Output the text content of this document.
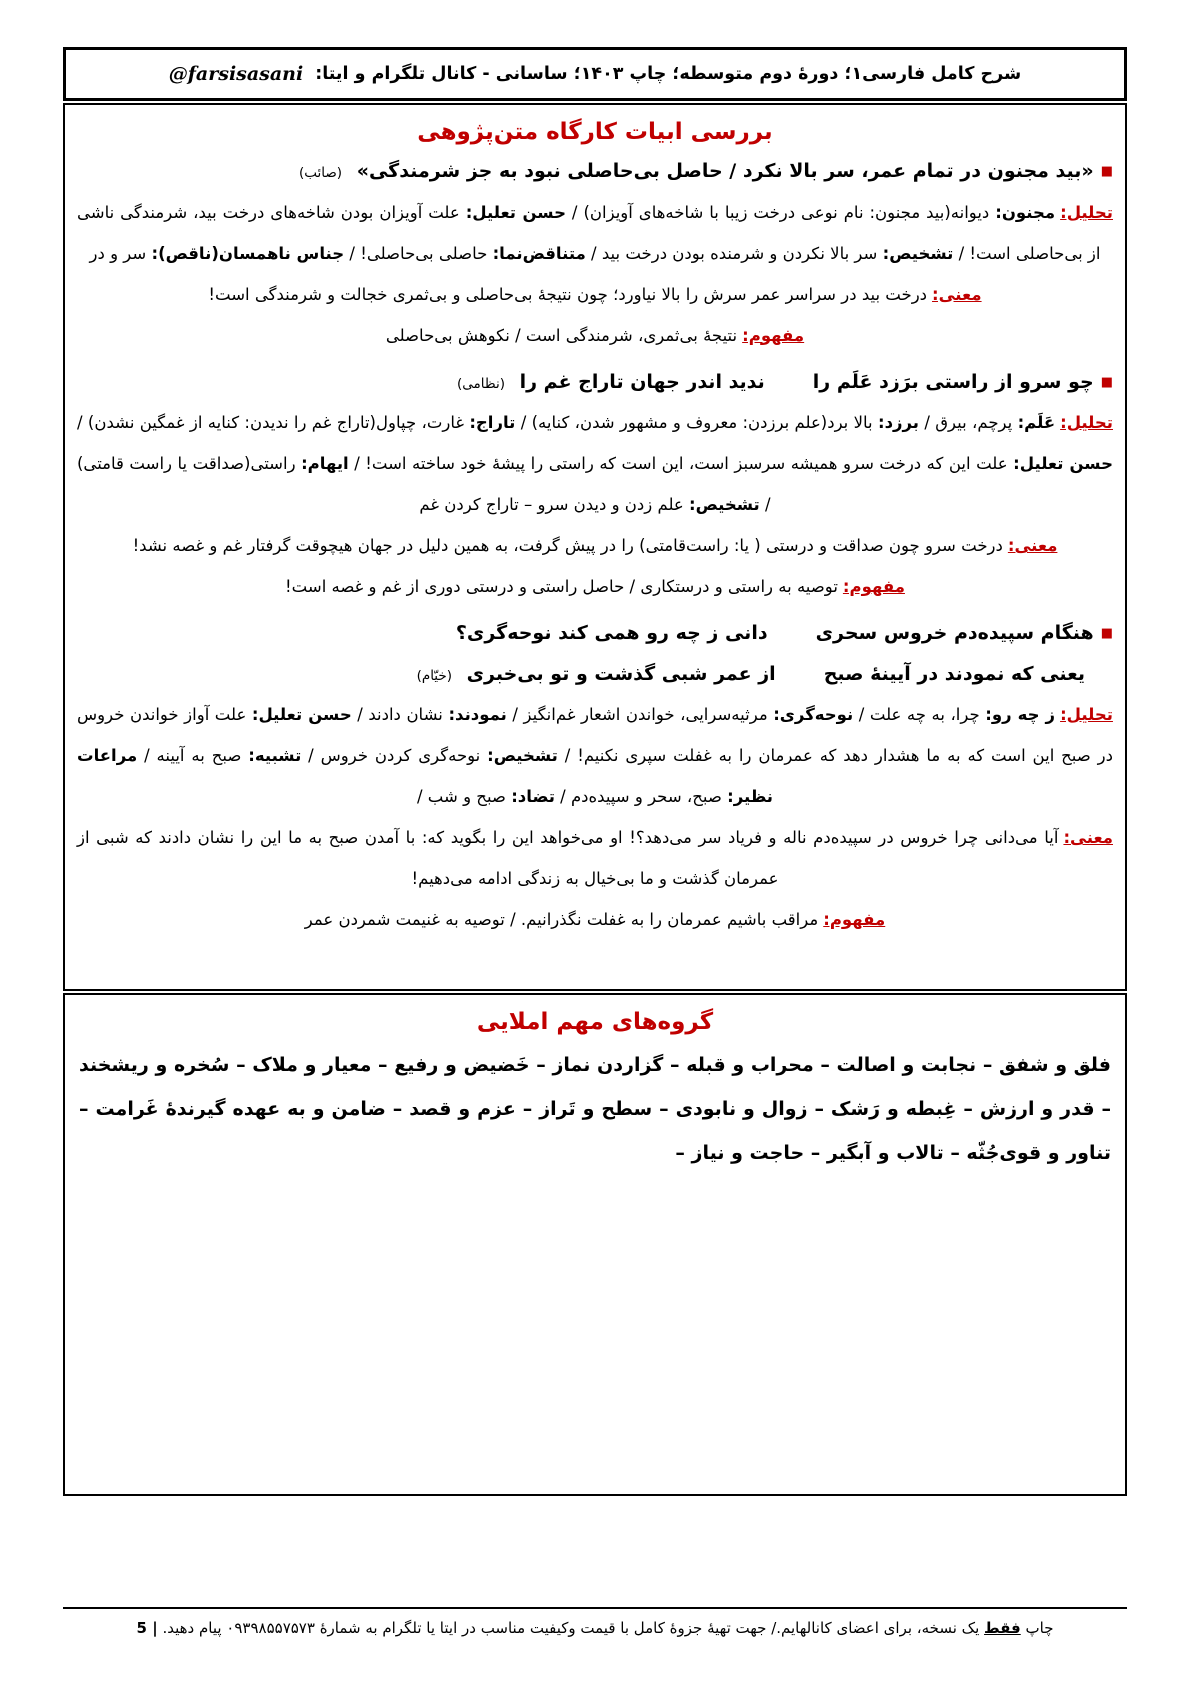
شرح کامل فارسی۱؛ دورهٔ دوم متوسطه؛ چاپ ۱۴۰۳؛ ساسانی - کانال تلگرام و ایتا:
@farsisasani
بررسی ابیات کارگاه متن‌پژوهی
■«بید مجنون در تمام عمر، سر بالا نکرد / حاصل بی‌حاصلی نبود به جز شرمندگی» (صائب)

تحلیل:مجنون: دیوانه(بید مجنون: نام نوعی درخت زیبا با شاخه‌های آویزان) / حسن تعلیل: علت آویزان بودن شاخه‌های درخت بید، شرمندگی ناشی از بی‌حاصلی است! / تشخیص: سر بالا نکردن و شرمنده بودن درخت بید / متناقض‌نما: حاصلی بی‌حاصلی! / جناس ناهمسان(ناقص): سر و در

معنی:درخت بید در سراسر عمر سرش را بالا نیاورد؛ چون نتیجهٔ بی‌حاصلی و بی‌ثمری خجالت و شرمندگی است!

مفهوم:نتیجهٔ بی‌ثمری، شرمندگی است / نکوهش بی‌حاصلی

■چو سرو از راستی برَزد عَلَم راندید اندر جهان تاراج غم را (نظامی)

تحلیل:عَلَم: پرچم، بیرق / برزد: بالا برد(علم برزدن: معروف و مشهور شدن، کنایه) / تاراج: غارت، چپاول(تاراج غم را ندیدن: کنایه از غمگین نشدن) / حسن تعلیل: علت این که درخت سرو همیشه سرسبز است، این است که راستی را پیشهٔ خود ساخته است! / ایهام: راستی(صداقت یا راست قامتی) / تشخیص: علم زدن و دیدن سرو – تاراج کردن غم

معنی:درخت سرو چون صداقت و درستی ( یا: راست‌قامتی) را در پیش گرفت، به همین دلیل در جهان هیچوقت گرفتار غم و غصه نشد!

مفهوم:توصیه به راستی و درستکاری / حاصل راستی و درستی دوری از غم و غصه است!

■هنگام سپیده‌دم خروس سحریدانی ز چه رو همی کند نوحه‌گری؟
یعنی که نمودند در آیینهٔ صبحاز عمر شبی گذشت و تو بی‌خبری (خیّام)

تحلیل:ز چه رو: چرا، به چه علت / نوحه‌گری: مرثیه‌سرایی، خواندن اشعار غم‌انگیز / نمودند: نشان دادند / حسن تعلیل: علت آواز خواندن خروس در صبح این است که به ما هشدار دهد که عمرمان را به غفلت سپری نکنیم! / تشخیص: نوحه‌گری کردن خروس / تشبیه: صبح به آیینه / مراعات نظیر: صبح، سحر و سپیده‌دم / تضاد: صبح و شب /

معنی:آیا می‌دانی چرا خروس در سپیده‌دم ناله و فریاد سر می‌دهد؟! او می‌خواهد این را بگوید که: با آمدن صبح به ما این را نشان دادند که شبی از عمرمان گذشت و ما بی‌خیال به زندگی ادامه می‌دهیم!

مفهوم:مراقب باشیم عمرمان را به غفلت نگذرانیم. / توصیه به غنیمت شمردن عمر

گروه‌های مهم املایی

فلق و شفق – نجابت و اصالت – محراب و قبله – گزاردن نماز – خَضیض و رفیع – معیار و ملاک – سُخره و ریشخند – قدر و ارزش – غِبطه و رَشک – زوال و نابودی – سطح و تَراز – عزم و قصد – ضامن و به عهده گیرندهٔ غَرامت – تناور و قوی‌جُثّه – تالاب و آبگیر – حاجت و نیاز –

چاپ فقط یک نسخه، برای اعضای کانالهایم./ جهت تهیهٔ جزوهٔ کامل با قیمت وکیفیت مناسب در ایتا یا تلگرام به شمارهٔ ۰۹۳۹۸۵۵۷۵۷۳ پیام دهید. | 5
